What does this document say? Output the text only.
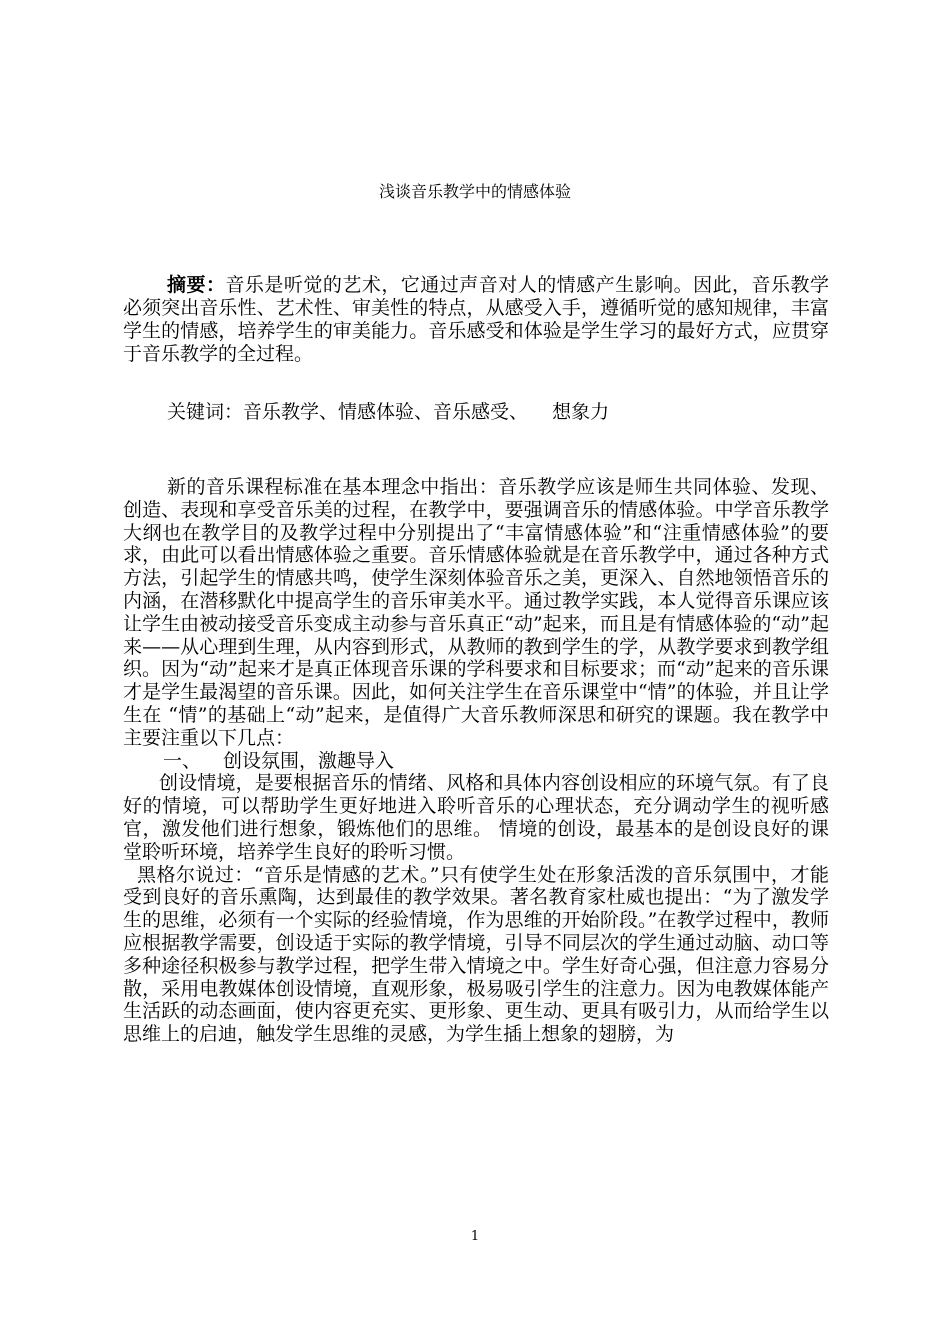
浅谈音乐教学中的情感体验
摘要：音乐是听觉的艺术，它通过声音对人的情感产生影响。因此，音乐教学必须突出音乐性、艺术性、审美性的特点，从感受入手，遵循听觉的感知规律，丰富学生的情感，培养学生的审美能力。音乐感受和体验是学生学习的最好方式，应贯穿于音乐教学的全过程。
关键词：音乐教学、情感体验、音乐感受、    想象力

新的音乐课程标准在基本理念中指出：音乐教学应该是师生共同体验、发现、创造、表现和享受音乐美的过程，在教学中，要强调音乐的情感体验。中学音乐教学大纲也在教学目的及教学过程中分别提出了“丰富情感体验”和“注重情感体验”的要求，由此可以看出情感体验之重要。音乐情感体验就是在音乐教学中，通过各种方式方法，引起学生的情感共鸣，使学生深刻体验音乐之美，更深入、自然地领悟音乐的内涵，在潜移默化中提高学生的音乐审美水平。通过教学实践，本人觉得音乐课应该让学生由被动接受音乐变成主动参与音乐真正“动”起来，而且是有情感体验的“动”起来——从心理到生理，从内容到形式，从教师的教到学生的学，从教学要求到教学组织。因为“动”起来才是真正体现音乐课的学科要求和目标要求；而“动”起来的音乐课才是学生最渴望的音乐课。因此，如何关注学生在音乐课堂中“情”的体验，并且让学生在 “情”的基础上“动”起来，是值得广大音乐教师深思和研究的课题。我在教学中主要注重以下几点：

一、 创设氛围，激趣导入

创设情境，是要根据音乐的情绪、风格和具体内容创设相应的环境气氛。有了良好的情境，可以帮助学生更好地进入聆听音乐的心理状态，充分调动学生的视听感官，激发他们进行想象，锻炼他们的思维。 情境的创设，最基本的是创设良好的课堂聆听环境，培养学生良好的聆听习惯。

黑格尔说过：“音乐是情感的艺术。”只有使学生处在形象活泼的音乐氛围中，才能受到良好的音乐熏陶，达到最佳的教学效果。著名教育家杜威也提出：“为了激发学生的思维，必须有一个实际的经验情境，作为思维的开始阶段。”在教学过程中，教师应根据教学需要，创设适于实际的教学情境，引导不同层次的学生通过动脑、动口等多种途径积极参与教学过程，把学生带入情境之中。学生好奇心强，但注意力容易分散，采用电教媒体创设情境，直观形象，极易吸引学生的注意力。因为电教媒体能产生活跃的动态画面，使内容更充实、更形象、更生动、更具有吸引力，从而给学生以思维上的启迪，触发学生思维的灵感，为学生插上想象的翅膀，为

1
